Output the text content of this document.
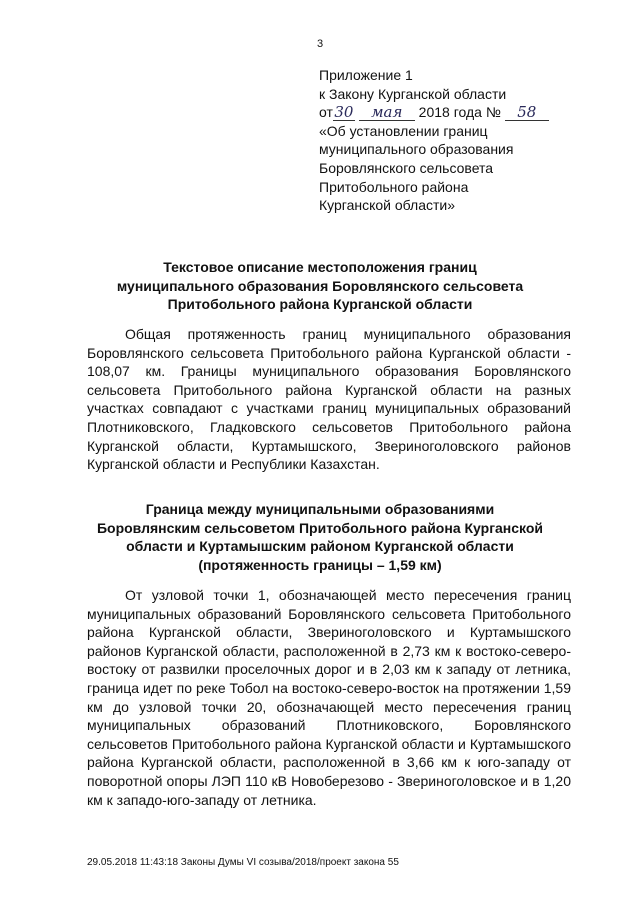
3
Приложение 1
к Закону Курганской области
от30 мая 2018 года № 58
«Об установлении границ
муниципального образования
Боровлянского сельсовета
Притобольного района
Курганской области»
Текстовое описание местоположения границ
муниципального образования Боровлянского сельсовета
Притобольного района Курганской области
Общая протяженность границ муниципального образования Боровлянского сельсовета Притобольного района Курганской области - 108,07 км. Границы муниципального образования Боровлянского сельсовета Притобольного района Курганской области на разных участках совпадают с участками границ муниципальных образований Плотниковского, Гладковского сельсоветов Притобольного района Курганской области, Куртамышского, Звериноголовского районов Курганской области и Республики Казахстан.
Граница между муниципальными образованиями
Боровлянским сельсоветом Притобольного района Курганской
области и Куртамышским районом Курганской области
(протяженность границы – 1,59 км)
От узловой точки 1, обозначающей место пересечения границ муниципальных образований Боровлянского сельсовета Притобольного района Курганской области, Звериноголовского и Куртамышского районов Курганской области, расположенной в 2,73 км к востоко-северо-востоку от развилки проселочных дорог и в 2,03 км к западу от летника, граница идет по реке Тобол на востоко-северо-восток на протяжении 1,59 км до узловой точки 20, обозначающей место пересечения границ муниципальных образований Плотниковского, Боровлянского сельсоветов Притобольного района Курганской области и Куртамышского района Курганской области, расположенной в 3,66 км к юго-западу от поворотной опоры ЛЭП 110 кВ Новоберезово - Звериноголовское и в 1,20 км к западо-юго-западу от летника.
29.05.2018 11:43:18 Законы Думы VI созыва/2018/проект закона 55
